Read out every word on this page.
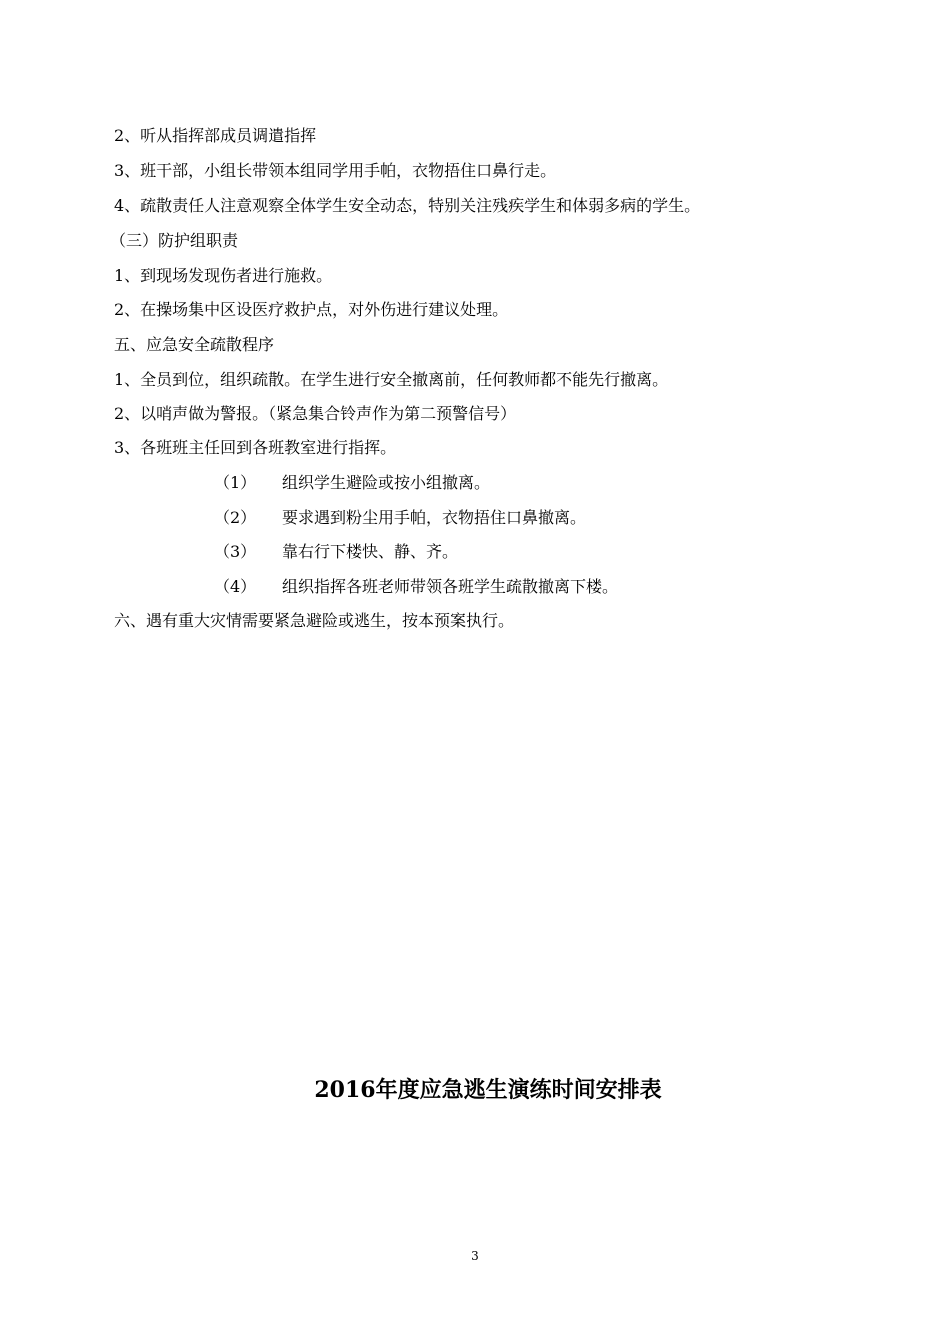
2、听从指挥部成员调遣指挥
3、班干部，小组长带领本组同学用手帕，衣物捂住口鼻行走。
4、疏散责任人注意观察全体学生安全动态，特别关注残疾学生和体弱多病的学生。
（三）防护组职责
1、到现场发现伤者进行施救。
2、在操场集中区设医疗救护点，对外伤进行建议处理。
五、应急安全疏散程序
1、全员到位，组织疏散。在学生进行安全撤离前，任何教师都不能先行撤离。
2、以哨声做为警报。（紧急集合铃声作为第二预警信号）
3、各班班主任回到各班教室进行指挥。
（1） 组织学生避险或按小组撤离。
（2） 要求遇到粉尘用手帕，衣物捂住口鼻撤离。
（3） 靠右行下楼快、静、齐。
（4） 组织指挥各班老师带领各班学生疏散撤离下楼。
六、遇有重大灾情需要紧急避险或逃生，按本预案执行。
2016年度应急逃生演练时间安排表
3
